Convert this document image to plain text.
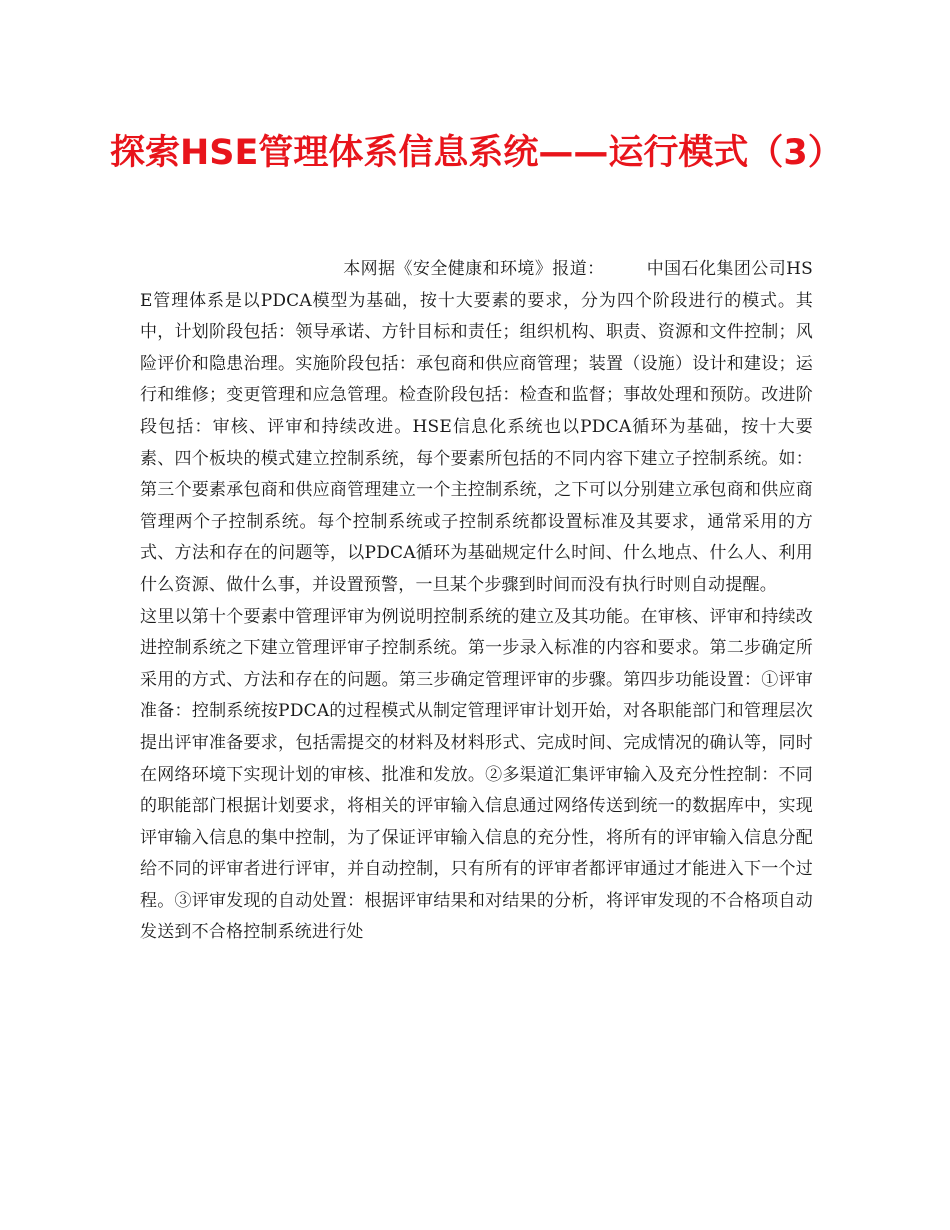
探索HSE管理体系信息系统——运行模式（3）

本网据《安全健康和环境》报道： 中国石化集团公司HSE管理体系是以PDCA模型为基础，按十大要素的要求，分为四个阶段进行的模式。其中，计划阶段包括：领导承诺、方针目标和责任；组织机构、职责、资源和文件控制；风险评价和隐患治理。实施阶段包括：承包商和供应商管理；装置（设施）设计和建设；运行和维修；变更管理和应急管理。检查阶段包括：检查和监督；事故处理和预防。改进阶段包括：审核、评审和持续改进。HSE信息化系统也以PDCA循环为基础，按十大要素、四个板块的模式建立控制系统，每个要素所包括的不同内容下建立子控制系统。如：第三个要素承包商和供应商管理建立一个主控制系统，之下可以分别建立承包商和供应商管理两个子控制系统。每个控制系统或子控制系统都设置标准及其要求，通常采用的方式、方法和存在的问题等，以PDCA循环为基础规定什么时间、什么地点、什么人、利用什么资源、做什么事，并设置预警，一旦某个步骤到时间而没有执行时则自动提醒。这里以第十个要素中管理评审为例说明控制系统的建立及其功能。在审核、评审和持续改进控制系统之下建立管理评审子控制系统。第一步录入标准的内容和要求。第二步确定所采用的方式、方法和存在的问题。第三步确定管理评审的步骤。第四步功能设置：①评审准备：控制系统按PDCA的过程模式从制定管理评审计划开始，对各职能部门和管理层次提出评审准备要求，包括需提交的材料及材料形式、完成时间、完成情况的确认等，同时在网络环境下实现计划的审核、批准和发放。②多渠道汇集评审输入及充分性控制：不同的职能部门根据计划要求，将相关的评审输入信息通过网络传送到统一的数据库中，实现评审输入信息的集中控制，为了保证评审输入信息的充分性，将所有的评审输入信息分配给不同的评审者进行评审，并自动控制，只有所有的评审者都评审通过才能进入下一个过程。③评审发现的自动处置：根据评审结果和对结果的分析，将评审发现的不合格项自动发送到不合格控制系统进行处
